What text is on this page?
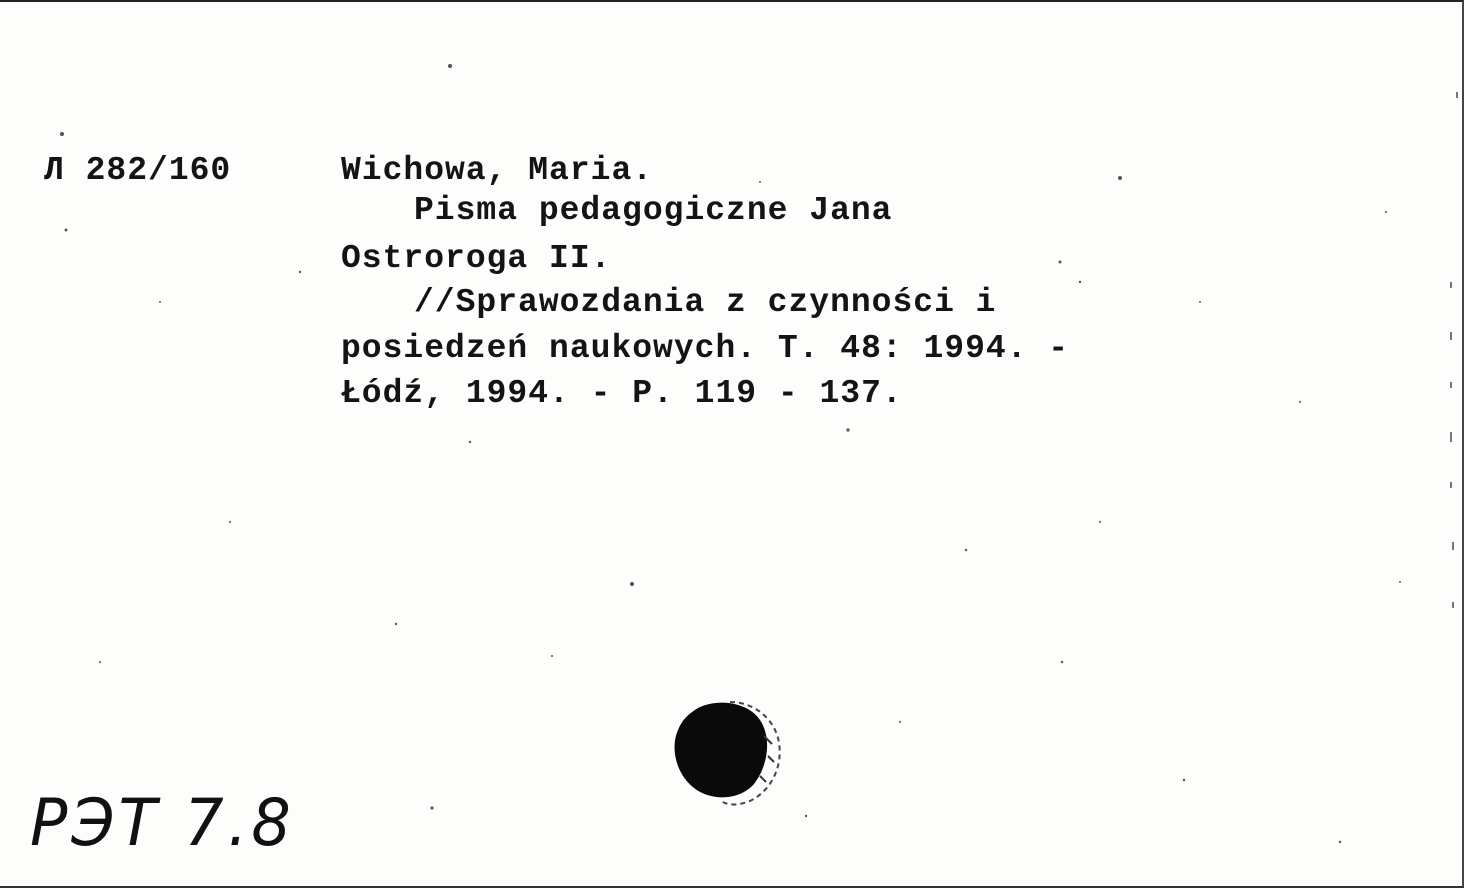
Л 282/160	Wichowa, Maria.
Pisma pedagogiczne Jana
Ostroroga II.
//Sprawozdania z czynności i
posiedzeń naukowych. T. 48: 1994. -
Łódź, 1994. - P. 119 - 137.
РЭТ 7.8
